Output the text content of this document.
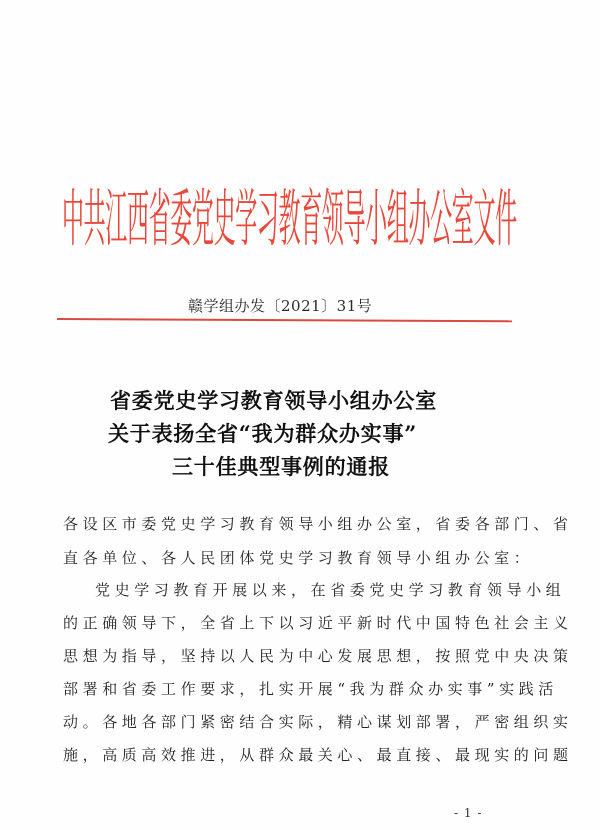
中共江西省委党史学习教育领导小组办公室文件
赣学组办发〔2021〕31号
省委党史学习教育领导小组办公室
关于表扬全省“我为群众办实事”
三十佳典型事例的通报
各设区市委党史学习教育领导小组办公室，省委各部门、省
直各单位、各人民团体党史学习教育领导小组办公室：
党史学习教育开展以来，在省委党史学习教育领导小组
的正确领导下，全省上下以习近平新时代中国特色社会主义
思想为指导，坚持以人民为中心发展思想，按照党中央决策
部署和省委工作要求，扎实开展“我为群众办实事”实践活
动。各地各部门紧密结合实际，精心谋划部署，严密组织实
施，高质高效推进，从群众最关心、最直接、最现实的问题
- 1 -
